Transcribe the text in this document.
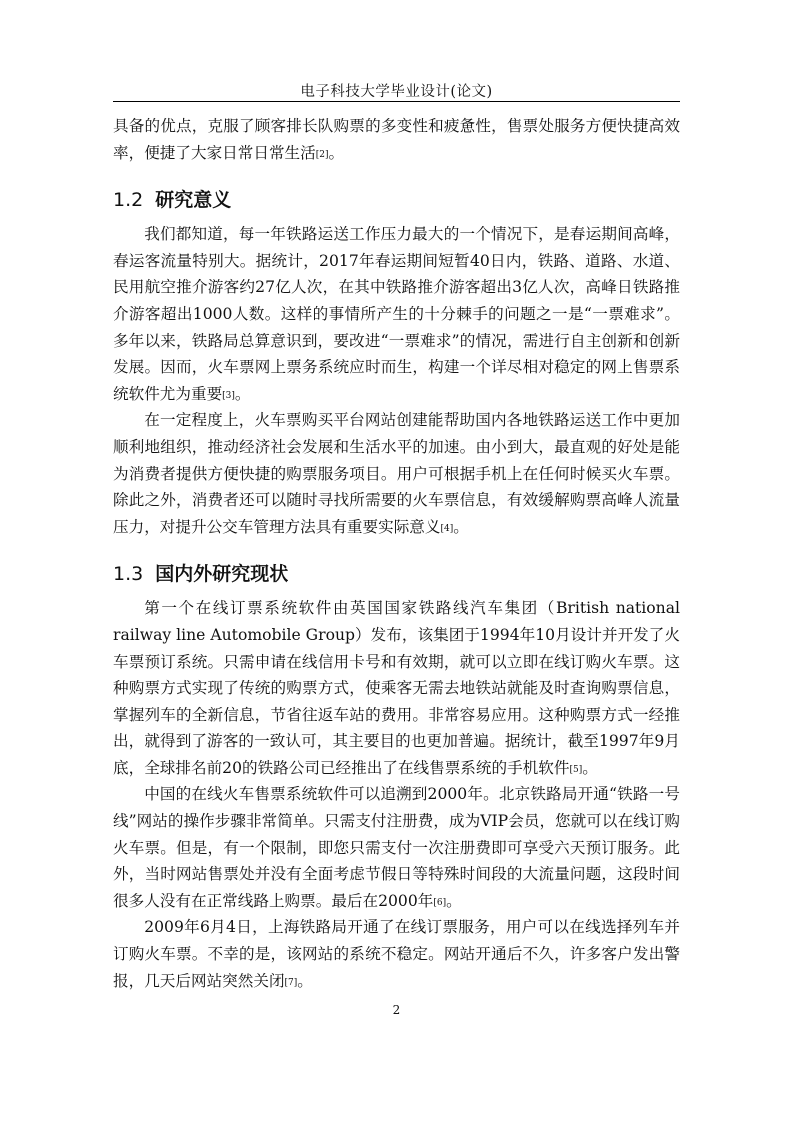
电子科技大学毕业设计(论文)

具备的优点，克服了顾客排长队购票的多变性和疲惫性，售票处服务方便快捷高效率，便捷了大家日常日常生活[2]。

1.2 研究意义

我们都知道，每一年铁路运送工作压力最大的一个情况下，是春运期间高峰，春运客流量特别大。据统计，2017年春运期间短暂40日内，铁路、道路、水道、民用航空推介游客约27亿人次，在其中铁路推介游客超出3亿人次，高峰日铁路推介游客超出1000人数。这样的事情所产生的十分棘手的问题之一是“一票难求”。多年以来，铁路局总算意识到，要改进“一票难求”的情况，需进行自主创新和创新发展。因而，火车票网上票务系统应时而生，构建一个详尽相对稳定的网上售票系统软件尤为重要[3]。

在一定程度上，火车票购买平台网站创建能帮助国内各地铁路运送工作中更加顺利地组织，推动经济社会发展和生活水平的加速。由小到大，最直观的好处是能为消费者提供方便快捷的购票服务项目。用户可根据手机上在任何时候买火车票。除此之外，消费者还可以随时寻找所需要的火车票信息，有效缓解购票高峰人流量压力，对提升公交车管理方法具有重要实际意义[4]。

1.3 国内外研究现状

第一个在线订票系统软件由英国国家铁路线汽车集团（British national railway line Automobile Group）发布，该集团于1994年10月设计并开发了火车票预订系统。只需申请在线信用卡号和有效期，就可以立即在线订购火车票。这种购票方式实现了传统的购票方式，使乘客无需去地铁站就能及时查询购票信息，掌握列车的全新信息，节省往返车站的费用。非常容易应用。这种购票方式一经推出，就得到了游客的一致认可，其主要目的也更加普遍。据统计，截至1997年9月底，全球排名前20的铁路公司已经推出了在线售票系统的手机软件[5]。

中国的在线火车售票系统软件可以追溯到2000年。北京铁路局开通“铁路一号线”网站的操作步骤非常简单。只需支付注册费，成为VIP会员，您就可以在线订购火车票。但是，有一个限制，即您只需支付一次注册费即可享受六天预订服务。此外，当时网站售票处并没有全面考虑节假日等特殊时间段的大流量问题，这段时间很多人没有在正常线路上购票。最后在2000年[6]。

2009年6月4日，上海铁路局开通了在线订票服务，用户可以在线选择列车并订购火车票。不幸的是，该网站的系统不稳定。网站开通后不久，许多客户发出警报，几天后网站突然关闭[7]。

2
